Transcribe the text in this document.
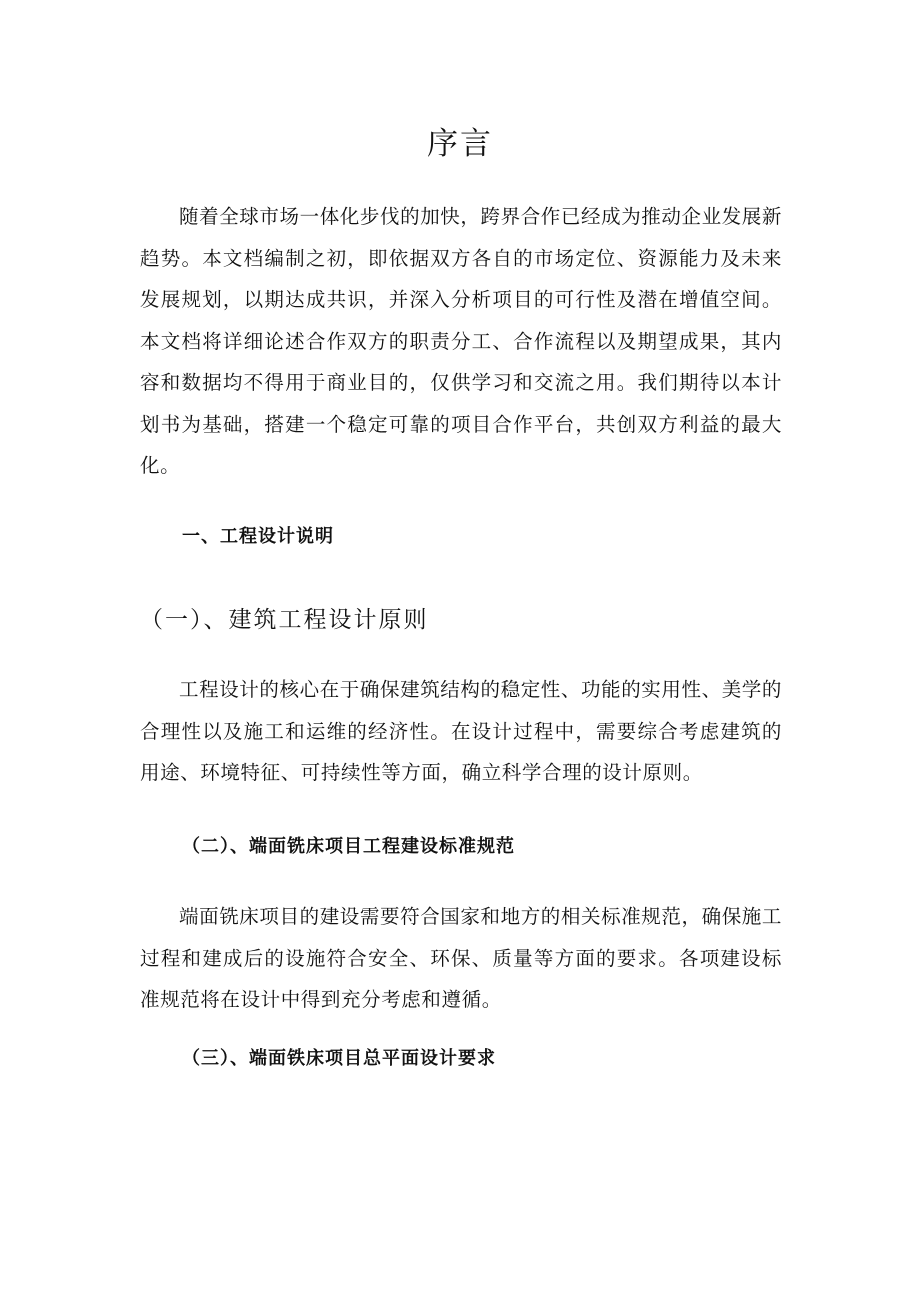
序言

随着全球市场一体化步伐的加快，跨界合作已经成为推动企业发展新趋势。本文档编制之初，即依据双方各自的市场定位、资源能力及未来发展规划，以期达成共识，并深入分析项目的可行性及潜在增值空间。本文档将详细论述合作双方的职责分工、合作流程以及期望成果，其内容和数据均不得用于商业目的，仅供学习和交流之用。我们期待以本计划书为基础，搭建一个稳定可靠的项目合作平台，共创双方利益的最大化。

一、工程设计说明
（一）、建筑工程设计原则

工程设计的核心在于确保建筑结构的稳定性、功能的实用性、美学的合理性以及施工和运维的经济性。在设计过程中，需要综合考虑建筑的用途、环境特征、可持续性等方面，确立科学合理的设计原则。

（二）、端面铣床项目工程建设标准规范

端面铣床项目的建设需要符合国家和地方的相关标准规范，确保施工过程和建成后的设施符合安全、环保、质量等方面的要求。各项建设标准规范将在设计中得到充分考虑和遵循。

（三）、端面铁床项目总平面设计要求
